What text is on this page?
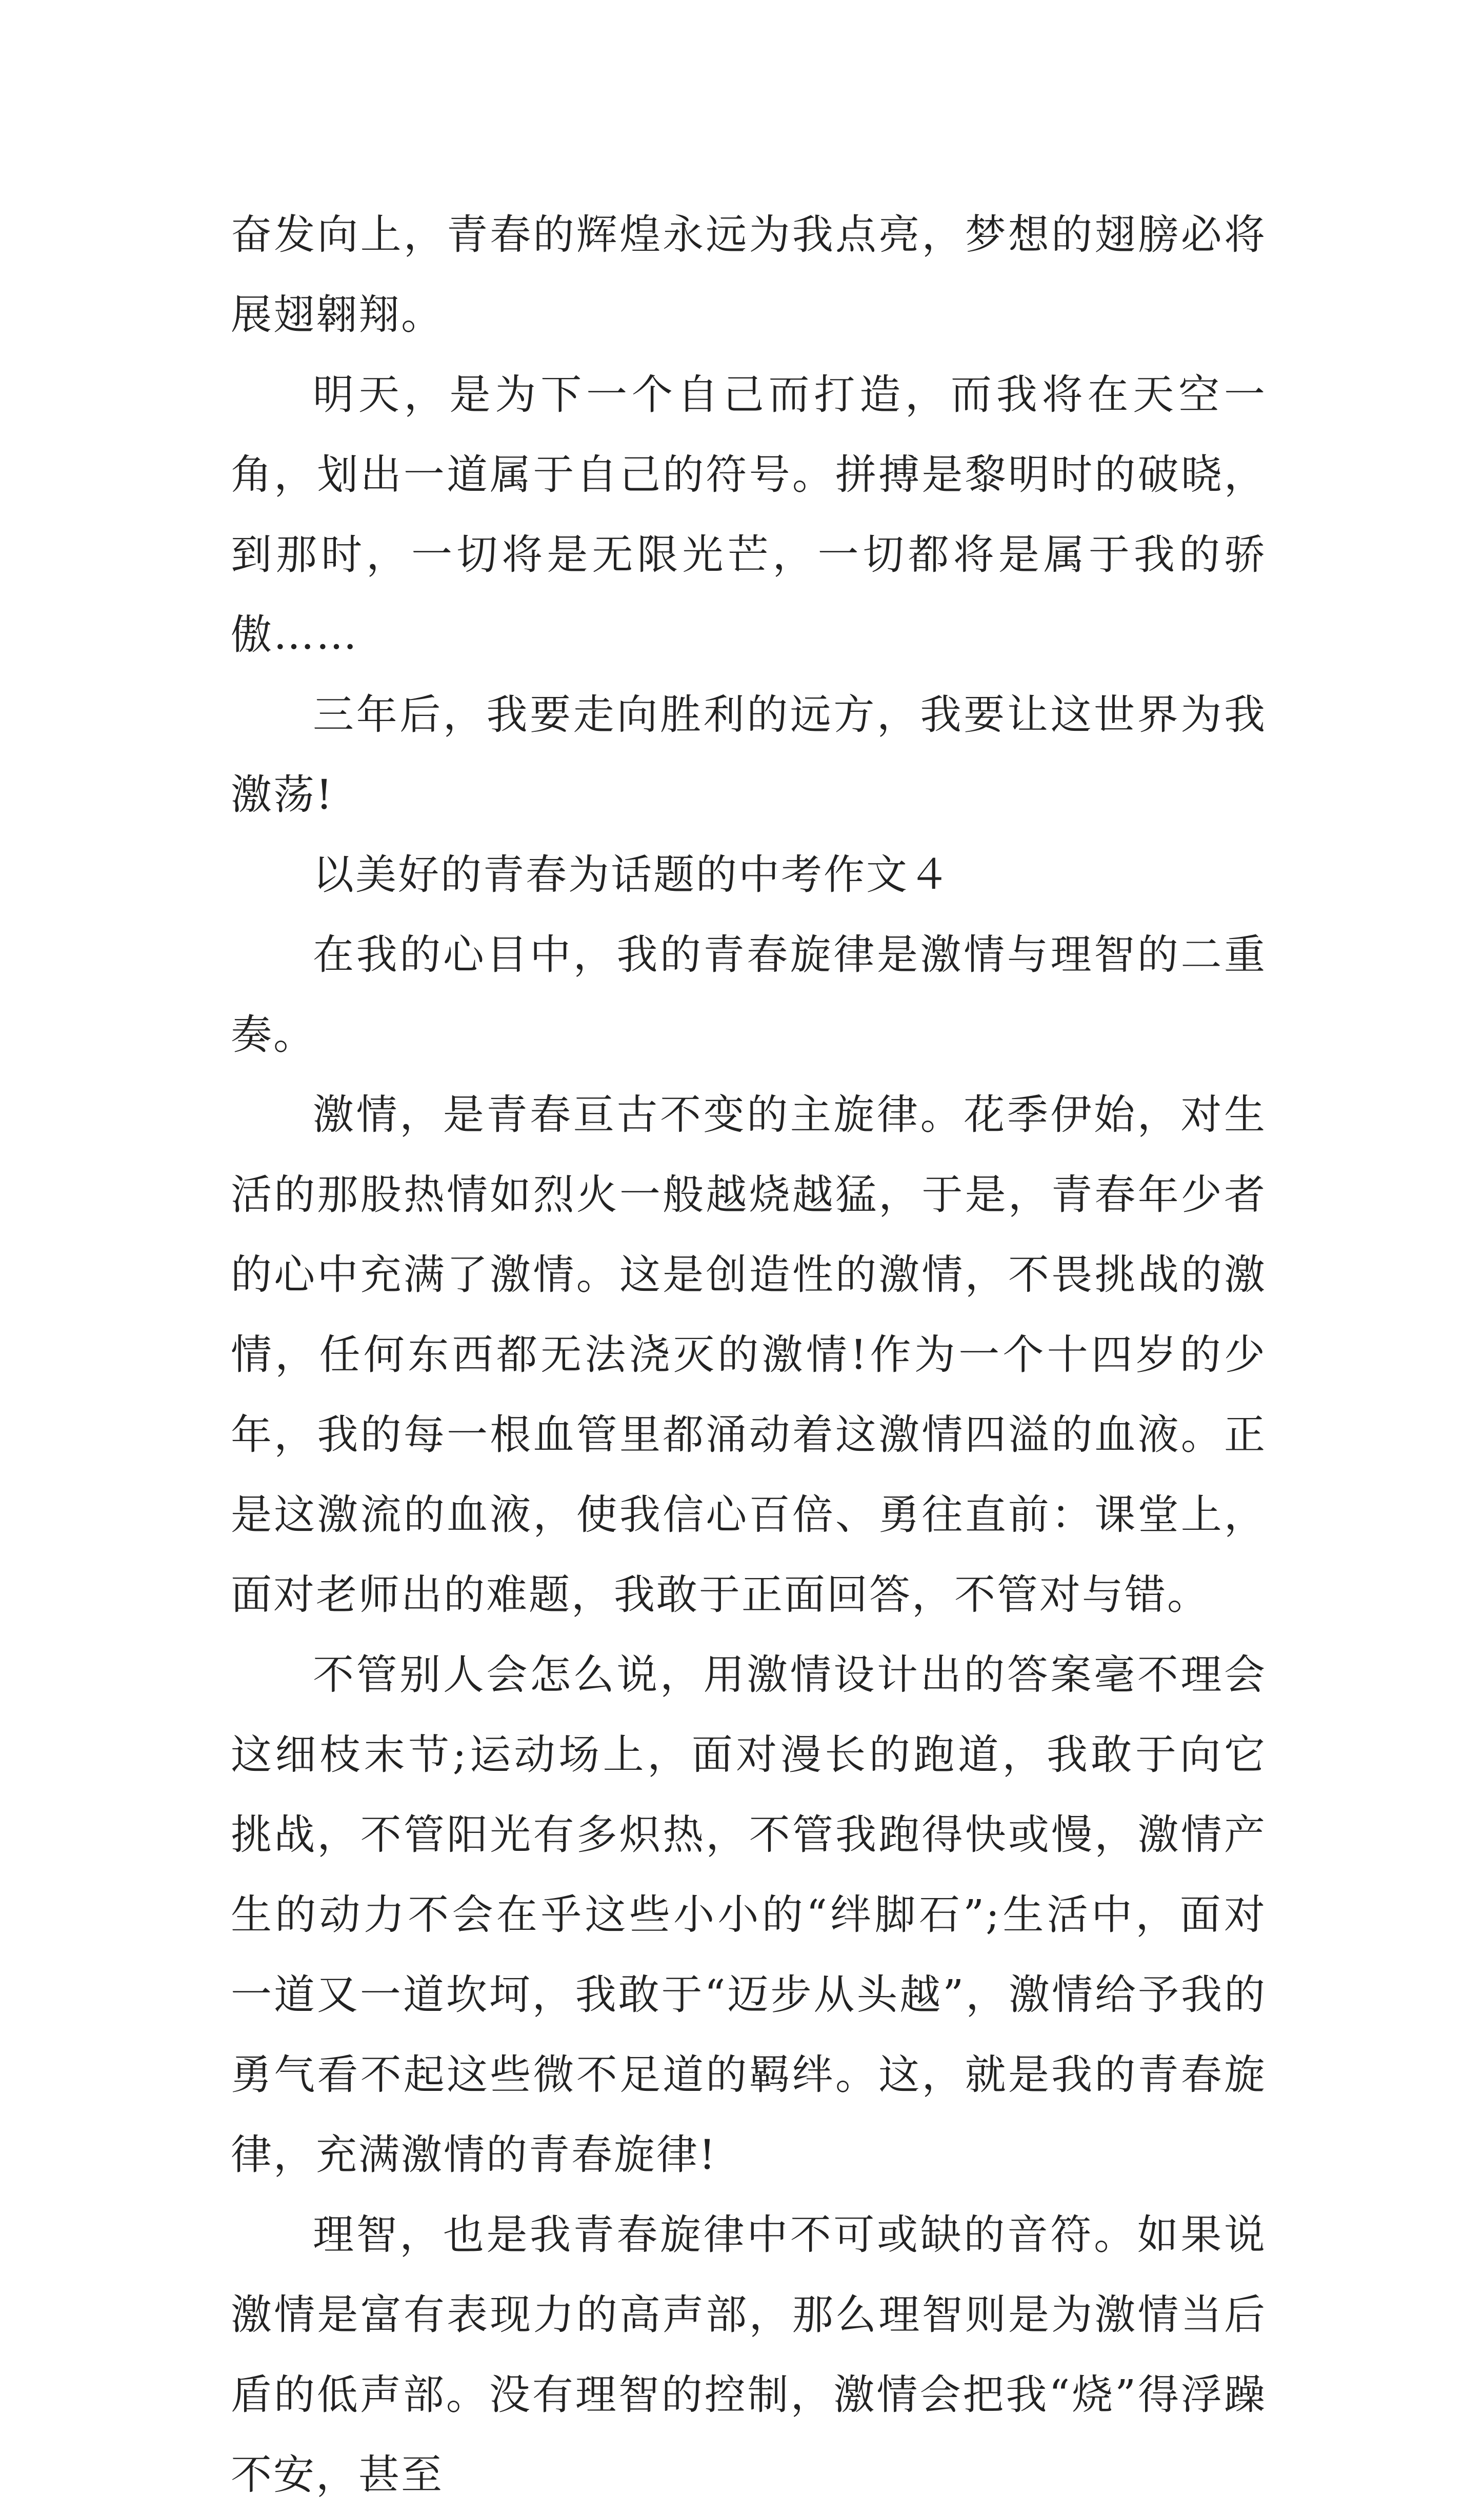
奋发向上，青春的辉煌永远为我点亮，梦想的翅膀必将展翅翱翔。

明天，是为下一个自己而打造，而我将在天空一角，划出一道属于自己的符号。拼搏是黎明时的破晓，到那时，一切将是无限光芒，一切都将是属于我的骄傲……

三年后，我要走向胜利的远方，我要让这世界为我激荡!

以美好的青春为话题的中考作文４

在我的心目中，我的青春旋律是激情与理智的二重奏。

激情，是青春亘古不变的主旋律。花季伊始，对生活的那股热情如烈火一般越烧越猛，于是，青春年少者的心中充满了激情。这是创造性的激情，不畏挑战的激情，任何东西都无法浇灭的激情!作为一个十四岁的少年，我的每一根血管里都涌动着这激情四溢的血液。正是这激流的血液，使我信心百倍、勇往直前：课堂上，面对老师出的难题，我敢于正面回答，不管对与错。

不管别人会怎么说，用激情设计出的答案毫不理会这细枝末节;运动场上，面对漫长的跑道，我敢于向它挑战，不管阳光有多炽热，不管我跑得快或慢，激情产生的动力不会在乎这些小小的“绊脚石”;生活中，面对一道又一道坎坷，我敢于“迈步从头越”，激情给予我的勇气看不起这些微不足道的羁绊。这，就是我的青春旋律，充满激情的青春旋律!

理智，也是我青春旋律中不可或缺的音符。如果说激情是富有表现力的高声部，那么理智则是为激情当后盾的低声部。没有理智的控制，激情会把我“烧”得浮躁不安，甚至
